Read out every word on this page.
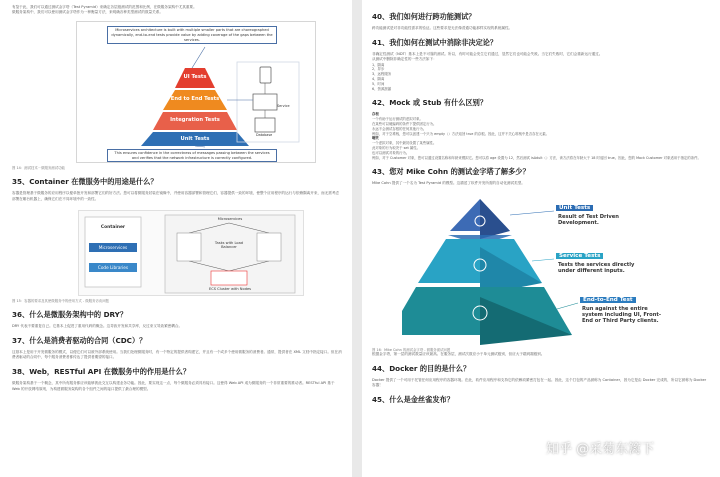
有鉴于此，我们可以通过测试金字塔（Test Pyramid）来确定各层级测试的范围和比例，在微服务架构中尤其重要。
微服务架构中，我们可以使用测试金字塔作为一种衡量方法，来明确各种类型测试的数量关系。
Microservices architecture is built with multiple smaller parts that are choreographed dynamically, end-to-end tests provide value by adding coverage of the gaps between the services.
UI Tests
End to End Tests
Integration Tests
Unit Tests
Service
Database
This ensures confidence in the correctness of messages passing between the services and verifies that the network infrastructure is correctly configured.
图 14：测试技术－微服务测试功能
35、Container 在微服务中的用途是什么？
容器是管理基于微服务的应用程序以便单独开发和部署它们的好方法。您可以将微服务封装在镜像中，并使用容器部署和管理它们，容器提供一致的环境，使整个应用程序的运行与依赖隔离开来，而无需考虑部署在哪台机器上，确保它们在不同环境中的一致性。
Container
Microservices
Code Libraries
Microservices
Tasks with Load Balancer
ECS Cluster with Nodes
图 15：容器的要求及其使微服务中的使用方式 - 微服务访谈问题
36、什么是微服务架构中的 DRY？
DRY 代表不要重复自己。它基本上促进了重用代码的概念。这导致开发和共享库，反过来又导致紧密耦合。
37、什么是消费者驱动的合同（CDC）？
这基本上是用于开发微服务的模式，以便它们可以被外部系统使用。当我们处理微服务时，有一个特定的提供者构建它，并且有一个或多个使用微服务的消费者。通常，提供者在 XML 文档中指定接口。但在消费者驱动的合同中，每个服务消费者都传达了提供者期望的接口。
38、Web，RESTful API 在微服务中的作用是什么？
微服务架构基于一个概念，其中所有服务都应该能够彼此交互以构建业务功能。因此，要实现这一点，每个微服务必须具有接口。这使得 Web API 成为微服务的一个非常重要的推动者。RESTful API 基于 Web 的开放网络原则，为构建微服务架构的各个组件之间的接口提供了最合理的模型。
40、我们如何进行跨功能测试？
跨功能测试是对非功能性需求的验证。这些要求是无法像普通功能那样实现的系统属性。
41、我们如何在测试中消除非决定论？
非确定性测试（NDT）基本上是不可靠的测试。所以，有时可能会发生它们通过，显然它们也可能会失败。当它们失败时，它们会重新运行通过。
从测试中删除非确定性的一些方法如下：
1、隔离
2、异步
3、远程服务
4、隔离
5、时间
6、资源泄漏
42、Mock 或 Stub 有什么区别？
存根
一个有助于运行测试的虚拟对象。
在某些可以硬编码的条件下提供固定行为。
永远不会测试存根的任何其他行为。
例如，对于空堆栈，您可以创建一个只为 empty（）方法返回 true 的存根。因此，这并不关心堆栈中是否存在元素。
嘲笑
一个虚拟对象，其中最初设置了某些属性。
此对象的行为取决于 set 属性。
也可以测试对象的行为。
例如，对于 Customer 对象，您可以通过设置名称和年龄来模拟它。您可以将 age 设置为 12，然后测试 isAdult（）方法，该方法将在年龄大于 18 时返回 true。因此，您的 Mock Customer 对象适用于指定的条件。
43、您对 Mike Cohn 的测试金字塔了解多少？
Mike Cohn 提供了一个名为 Test Pyramid 的模型。这描述了软件开发所需的自动化测试类型。
Unit Tests
Result of Test Driven Development.
Service Tests
Tests the services directly under different inputs.
End-to-End Test
Run against the entire system including UI, Front-End or Third Party clients.
图 16：Mike Cohn 的测试金字塔 - 微服务面试问题
根据金字塔，第一层的测试数量应该最高。在服务层，测试次数应小于单元测试级别，但应大于端到端级别。
44、Docker 的目的是什么？
Docker 提供了一个可用于托管任何应用程序的容器环境。在此，软件应用程序和支持它的依赖项紧密打包在一起。因此，这个打包的产品被称为 Container，因为它是由 Docker 完成的，所以它被称为 Docker 容器！
45、什么是金丝雀发布？
知乎 @采菊东篱下
